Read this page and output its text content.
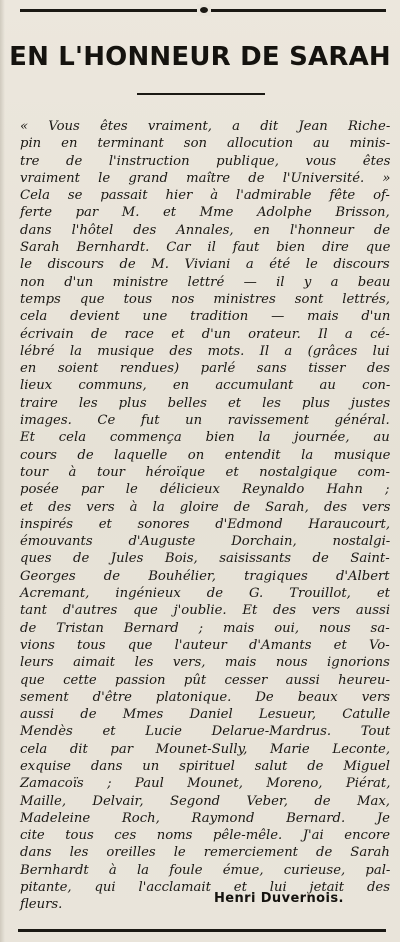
EN L'HONNEUR DE SARAH
« Vous êtes vraiment, a dit Jean Riche-
pin en terminant son allocution au minis-
tre de l'instruction publique, vous êtes
vraiment le grand maître de l'Université. »
Cela se passait hier à l'admirable fête of-
ferte par M. et Mme Adolphe Brisson,
dans l'hôtel des Annales, en l'honneur de
Sarah Bernhardt. Car il faut bien dire que
le discours de M. Viviani a été le discours
non d'un ministre lettré — il y a beau
temps que tous nos ministres sont lettrés,
cela devient une tradition — mais d'un
écrivain de race et d'un orateur. Il a cé-
lébré la musique des mots. Il a (grâces lui
en soient rendues) parlé sans tisser des
lieux communs, en accumulant au con-
traire les plus belles et les plus justes
images. Ce fut un ravissement général.
Et cela commença bien la journée, au
cours de laquelle on entendit la musique
tour à tour héroïque et nostalgique com-
posée par le délicieux Reynaldo Hahn ;
et des vers à la gloire de Sarah, des vers
inspirés et sonores d'Edmond Haraucourt,
émouvants d'Auguste Dorchain, nostalgi-
ques de Jules Bois, saisissants de Saint-
Georges de Bouhélier, tragiques d'Albert
Acremant, ingénieux de G. Trouillot, et
tant d'autres que j'oublie. Et des vers aussi
de Tristan Bernard ; mais oui, nous sa-
vions tous que l'auteur d'Amants et Vo-
leurs aimait les vers, mais nous ignorions
que cette passion pût cesser aussi heureu-
sement d'être platonique. De beaux vers
aussi de Mmes Daniel Lesueur, Catulle
Mendès et Lucie Delarue-Mardrus. Tout
cela dit par Mounet-Sully, Marie Leconte,
exquise dans un spirituel salut de Miguel
Zamacoïs ; Paul Mounet, Moreno, Piérat,
Maille, Delvair, Segond Veber, de Max,
Madeleine Roch, Raymond Bernard. Je
cite tous ces noms pêle-mêle. J'ai encore
dans les oreilles le remerciement de Sarah
Bernhardt à la foule émue, curieuse, pal-
pitante, qui l'acclamait et lui jetait des
fleurs.	Henri Duvernois.
